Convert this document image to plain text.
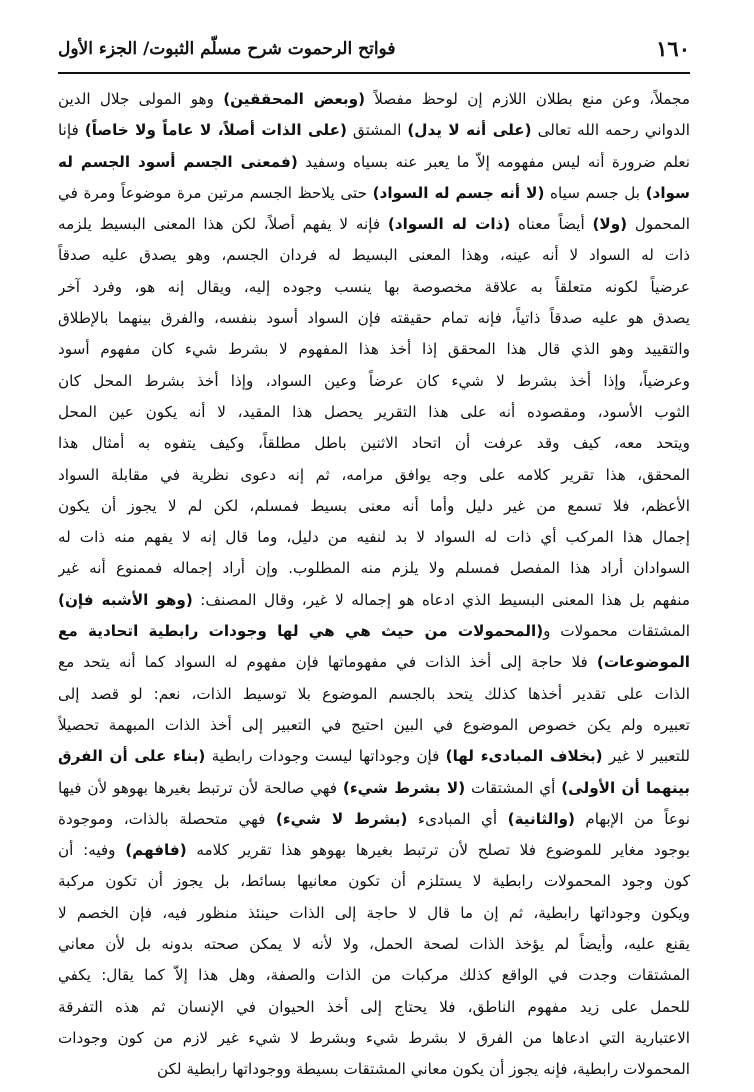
١٦٠
فواتح الرحموت شرح مسلّم الثبوت/ الجزء الأول
مجملاً، وعن منع بطلان اللازم إن لوحظ مفصلاً (وبعض المحققين) وهو المولى جلال الدين
الدواني رحمه الله تعالى (على أنه لا يدل) المشتق (على الذات أصلاً، لا عاماً ولا خاصاً) فإنا
نعلم ضرورة أنه ليس مفهومه إلاّ ما يعبر عنه بسياه وسفيد (فمعنى الجسم أسود الجسم له
سواد) بل جسم سياه (لا أنه جسم له السواد) حتى يلاحظ الجسم مرتين مرة موضوعاً ومرة في
المحمول (ولا) أيضاً معناه (ذات له السواد) فإنه لا يفهم أصلاً، لكن هذا المعنى البسيط يلزمه
ذات له السواد لا أنه عينه، وهذا المعنى البسيط له فردان الجسم، وهو يصدق عليه صدقاً
عرضياً لكونه متعلقاً به علاقة مخصوصة بها ينسب وجوده إليه، ويقال إنه هو، وفرد آخر
يصدق هو عليه صدقاً ذاتياً، فإنه تمام حقيقته فإن السواد أسود بنفسه، والفرق بينهما بالإطلاق
والتقييد وهو الذي قال هذا المحقق إذا أخذ هذا المفهوم لا بشرط شيء كان مفهوم أسود
وعرضياً، وإذا أخذ بشرط لا شيء كان عرضاً وعين السواد، وإذا أخذ بشرط المحل كان
الثوب الأسود، ومقصوده أنه على هذا التقرير يحصل هذا المقيد، لا أنه يكون عين المحل
ويتحد معه، كيف وقد عرفت أن اتحاد الاثنين باطل مطلقاً، وكيف يتفوه به أمثال هذا
المحقق، هذا تقرير كلامه على وجه يوافق مرامه، ثم إنه دعوى نظرية في مقابلة السواد
الأعظم، فلا تسمع من غير دليل وأما أنه معنى بسيط فمسلم، لكن لم لا يجوز أن يكون
إجمال هذا المركب أي ذات له السواد لا بد لنفيه من دليل، وما قال إنه لا يفهم منه ذات له
السوادان أراد هذا المفصل فمسلم ولا يلزم منه المطلوب. وإن أراد إجماله فممنوع أنه غير
منفهم بل هذا المعنى البسيط الذي ادعاه هو إجماله لا غير، وقال المصنف: (وهو الأشبه فإن)
المشتقات محمولات و(المحمولات من حيث هي هي لها وجودات رابطية اتحادية مع
الموضوعات) فلا حاجة إلى أخذ الذات في مفهوماتها فإن مفهوم له السواد كما أنه يتحد مع
الذات على تقدير أخذها كذلك يتحد بالجسم الموضوع بلا توسيط الذات، نعم: لو قصد إلى
تعبيره ولم يكن خصوص الموضوع في البين احتيج في التعبير إلى أخذ الذات المبهمة تحصيلاً
للتعبير لا غير (بخلاف المبادىء لها) فإن وجوداتها ليست وجودات رابطية (بناء على أن الفرق
بينهما أن الأولى) أي المشتقات (لا بشرط شيء) فهي صالحة لأن ترتبط بغيرها بهوهو لأن فيها
نوعاً من الإبهام (والثانية) أي المبادىء (بشرط لا شيء) فهي متحصلة بالذات، وموجودة
بوجود مغاير للموضوع فلا تصلح لأن ترتبط بغيرها بهوهو هذا تقرير كلامه (فافهم) وفيه: أن
كون وجود المحمولات رابطية لا يستلزم أن تكون معانيها بسائط، بل يجوز أن تكون مركبة
ويكون وجوداتها رابطية، ثم إن ما قال لا حاجة إلى الذات حينئذ منظور فيه، فإن الخصم لا
يقنع عليه، وأيضاً لم يؤخذ الذات لصحة الحمل، ولا لأنه لا يمكن صحته بدونه بل لأن معاني
المشتقات وجدت في الواقع كذلك مركبات من الذات والصفة، وهل هذا إلاّ كما يقال: يكفي
للحمل على زيد مفهوم الناطق، فلا يحتاج إلى أخذ الحيوان في الإنسان ثم هذه التفرقة
الاعتبارية التي ادعاها من الفرق لا بشرط شيء وبشرط لا شيء غير لازم من كون وجودات
المحمولات رابطية، فإنه يجوز أن يكون معاني المشتقات بسيطة ووجوداتها رابطية لكن
